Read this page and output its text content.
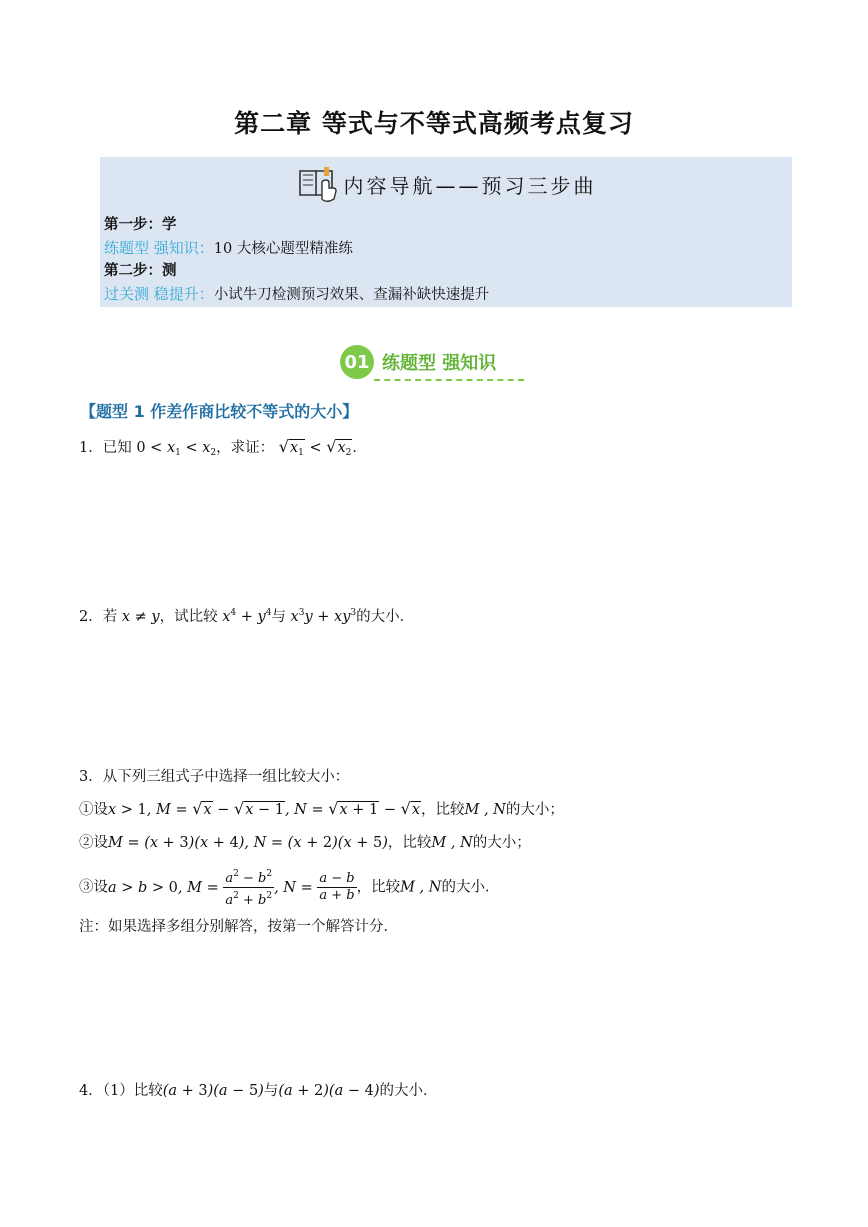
第二章 等式与不等式高频考点复习
内容导航——预习三步曲
第一步：学
练题型 强知识：10 大核心题型精准练
第二步：测
过关测 稳提升：小试牛刀检测预习效果、查漏补缺快速提升
01 练题型 强知识
【题型 1 作差作商比较不等式的大小】
1．已知 $0 < x_1 < x_2$，求证： $√x_1 < √x_2$．
2．若 x ≠ y，试比较 $x^4 + y^4$与 $x^3y + xy^3$的大小．
3．从下列三组式子中选择一组比较大小：
①设x > 1, M = √x − √x − 1, N = √x + 1 − √x，比较M , N的大小；
②设M = (x + 3)(x + 4), N = (x + 2)(x + 5)，比较M , N的大小；
③设a > b > 0, $M = \frac{a^2 - b^2}{a^2 + b^2}$ , $N = \frac{a - b}{a + b}$ ，比较M , N的大小．
注：如果选择多组分别解答，按第一个解答计分．
4．（1）比较(a + 3)(a − 5)与(a + 2)(a − 4)的大小．
